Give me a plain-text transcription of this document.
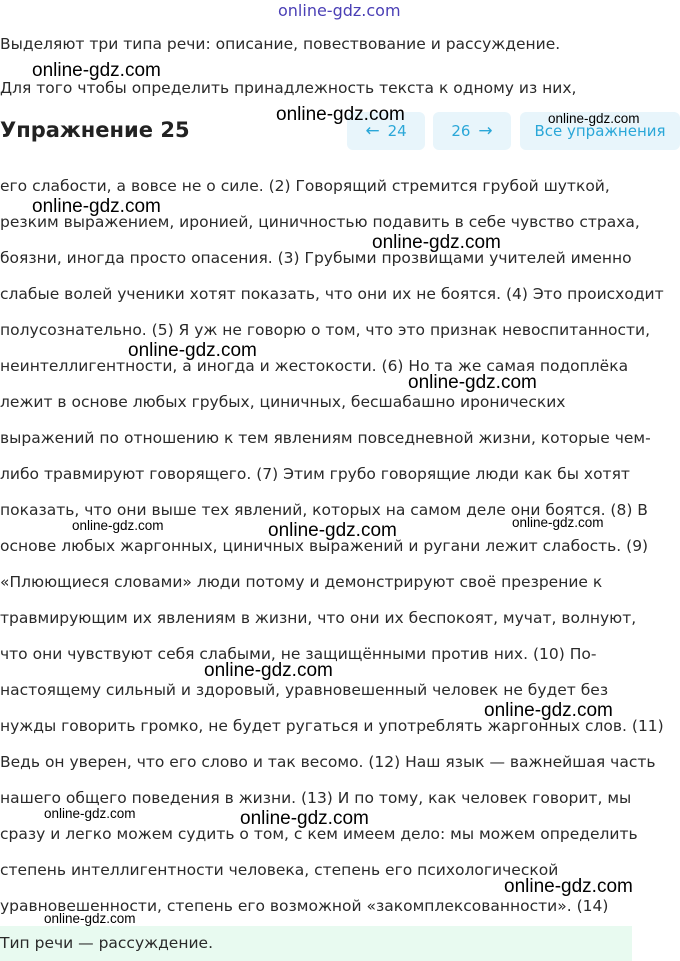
online-gdz.com

Выделяют три типа речи: описание, повествование и рассуждение.

Для того чтобы определить принадлежность текста к одному из них,

Упражнение 25	← 24	26 →	Все упражнения
его слабости, а вовсе не о силе. (2) Говорящий стремится грубой шуткой,
резким выражением, иронией, циничностью подавить в себе чувство страха,
боязни, иногда просто опасения. (3) Грубыми прозвищами учителей именно
слабые волей ученики хотят показать, что они их не боятся. (4) Это происходит
полусознательно. (5) Я уж не говорю о том, что это признак невоспитанности,
неинтеллигентности, а иногда и жестокости. (6) Но та же самая подоплёка
лежит в основе любых грубых, циничных, бесшабашно иронических
выражений по отношению к тем явлениям повседневной жизни, которые чем-
либо травмируют говорящего. (7) Этим грубо говорящие люди как бы хотят
показать, что они выше тех явлений, которых на самом деле они боятся. (8) В
основе любых жаргонных, циничных выражений и ругани лежит слабость. (9)
«Плюющиеся словами» люди потому и демонстрируют своё презрение к
травмирующим их явлениям в жизни, что они их беспокоят, мучат, волнуют,
что они чувствуют себя слабыми, не защищёнными против них. (10) По-
настоящему сильный и здоровый, уравновешенный человек не будет без
нужды говорить громко, не будет ругаться и употреблять жаргонных слов. (11)
Ведь он уверен, что его слово и так весомо. (12) Наш язык — важнейшая часть
нашего общего поведения в жизни. (13) И по тому, как человек говорит, мы
сразу и легко можем судить о том, с кем имеем дело: мы можем определить
степень интеллигентности человека, степень его психологической
уравновешенности, степень его возможной «закомплексованности». (14)
Тип речи — рассуждение.
online-gdz.com
online-gdz.com	online-gdz.com
online-gdz.com
online-gdz.com
online-gdz.com
online-gdz.com
online-gdz.com	online-gdz.com	online-gdz.com
online-gdz.com
online-gdz.com
online-gdz.com	online-gdz.com
online-gdz.com
online-gdz.com
